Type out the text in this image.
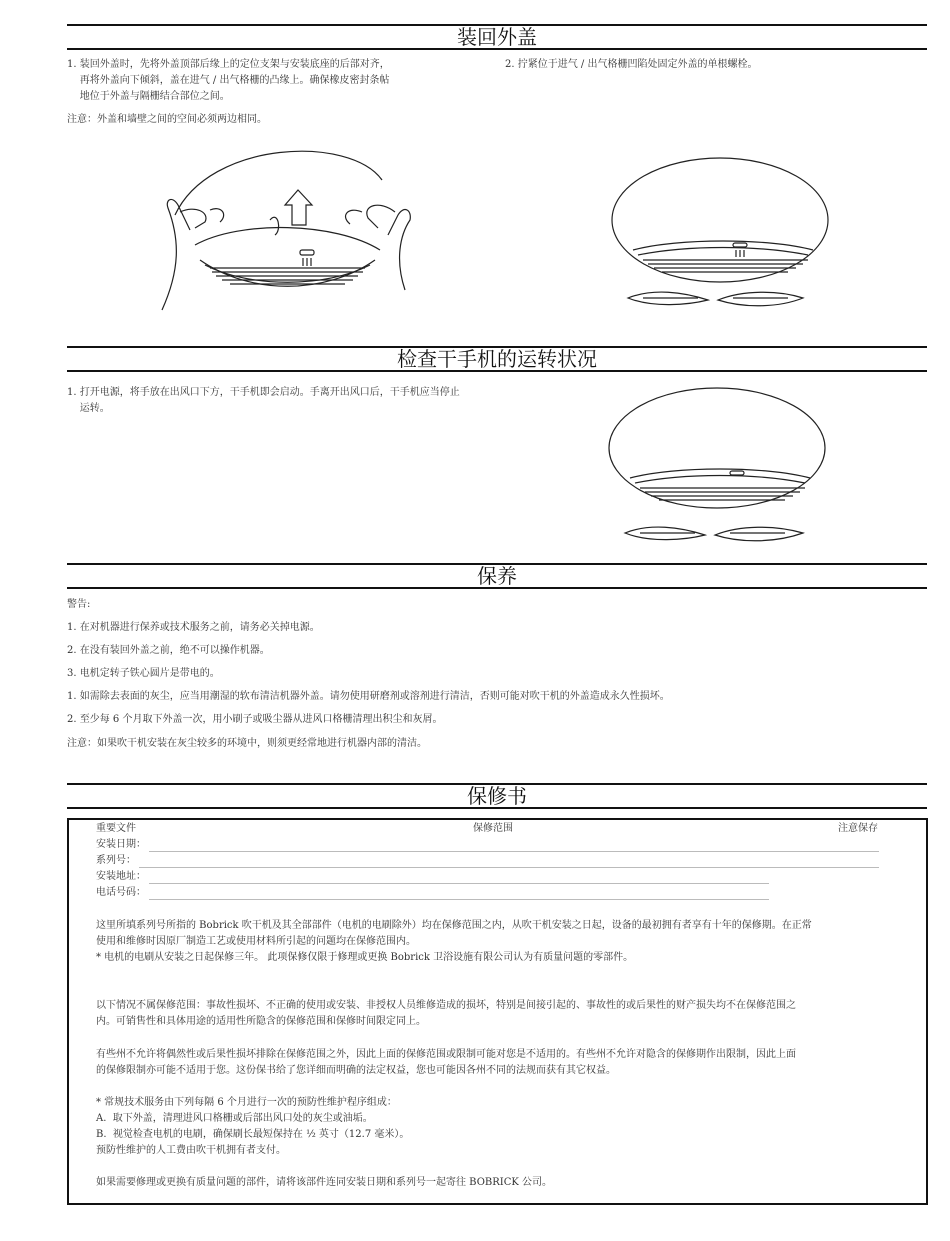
装回外盖
1. 装回外盖时，先将外盖顶部后缘上的定位支架与安装底座的后部对齐，
再将外盖向下倾斜，盖在进气 / 出气格栅的凸缘上。确保橡皮密封条帖
地位于外盖与隔栅结合部位之间。
2. 拧紧位于进气 / 出气格栅凹陷处固定外盖的单根螺栓。
注意：外盖和墙壁之间的空间必须两边相同。
检查干手机的运转状况
1. 打开电源，将手放在出风口下方，干手机即会启动。手离开出风口后，干手机应当停止
运转。
保养
警告:
1. 在对机器进行保养或技术服务之前，请务必关掉电源。
2. 在没有装回外盖之前，绝不可以操作机器。
3. 电机定转子铁心圆片是带电的。
1. 如需除去表面的灰尘，应当用潮湿的软布清洁机器外盖。请勿使用研磨剂或溶剂进行清洁，否则可能对吹干机的外盖造成永久性损坏。
2. 至少每 6 个月取下外盖一次，用小刷子或吸尘器从进风口格栅清理出积尘和灰屑。
注意：如果吹干机安装在灰尘较多的环境中，则须更经常地进行机器内部的清洁。
保修书
重要文件	保修范围	注意保存
安装日期：
系列号：
安装地址：
电话号码：
这里所填系列号所指的 Bobrick 吹干机及其全部部件（电机的电刷除外）均在保修范围之内，从吹干机安装之日起，设备的最初拥有者享有十年的保修期。在正常
使用和维修时因原厂制造工艺或使用材料所引起的问题均在保修范围内。
* 电机的电刷从安装之日起保修三年。 此项保修仅限于修理或更换 Bobrick 卫浴设施有限公司认为有质量问题的零部件。
以下情况不属保修范围：事故性损坏、不正确的使用或安装、非授权人员维修造成的损坏，特别是间接引起的、事故性的或后果性的财产损失均不在保修范围之
内。可销售性和具体用途的适用性所隐含的保修范围和保修时间限定同上。
有些州不允许将偶然性或后果性损坏排除在保修范围之外，因此上面的保修范围或限制可能对您是不适用的。有些州不允许对隐含的保修期作出限制，因此上面
的保修限制亦可能不适用于您。这份保书给了您详细而明确的法定权益，您也可能因各州不同的法规而获有其它权益。
* 常规技术服务由下列每隔 6 个月进行一次的预防性维护程序组成：
A.  取下外盖，清理进风口格栅或后部出风口处的灰尘或油垢。
B.  视觉检查电机的电刷，确保刷长最短保持在 ½ 英寸（12.7 毫米）。
预防性维护的人工费由吹干机拥有者支付。
如果需要修理或更换有质量问题的部件，请将该部件连同安装日期和系列号一起寄往 BOBRICK 公司。
